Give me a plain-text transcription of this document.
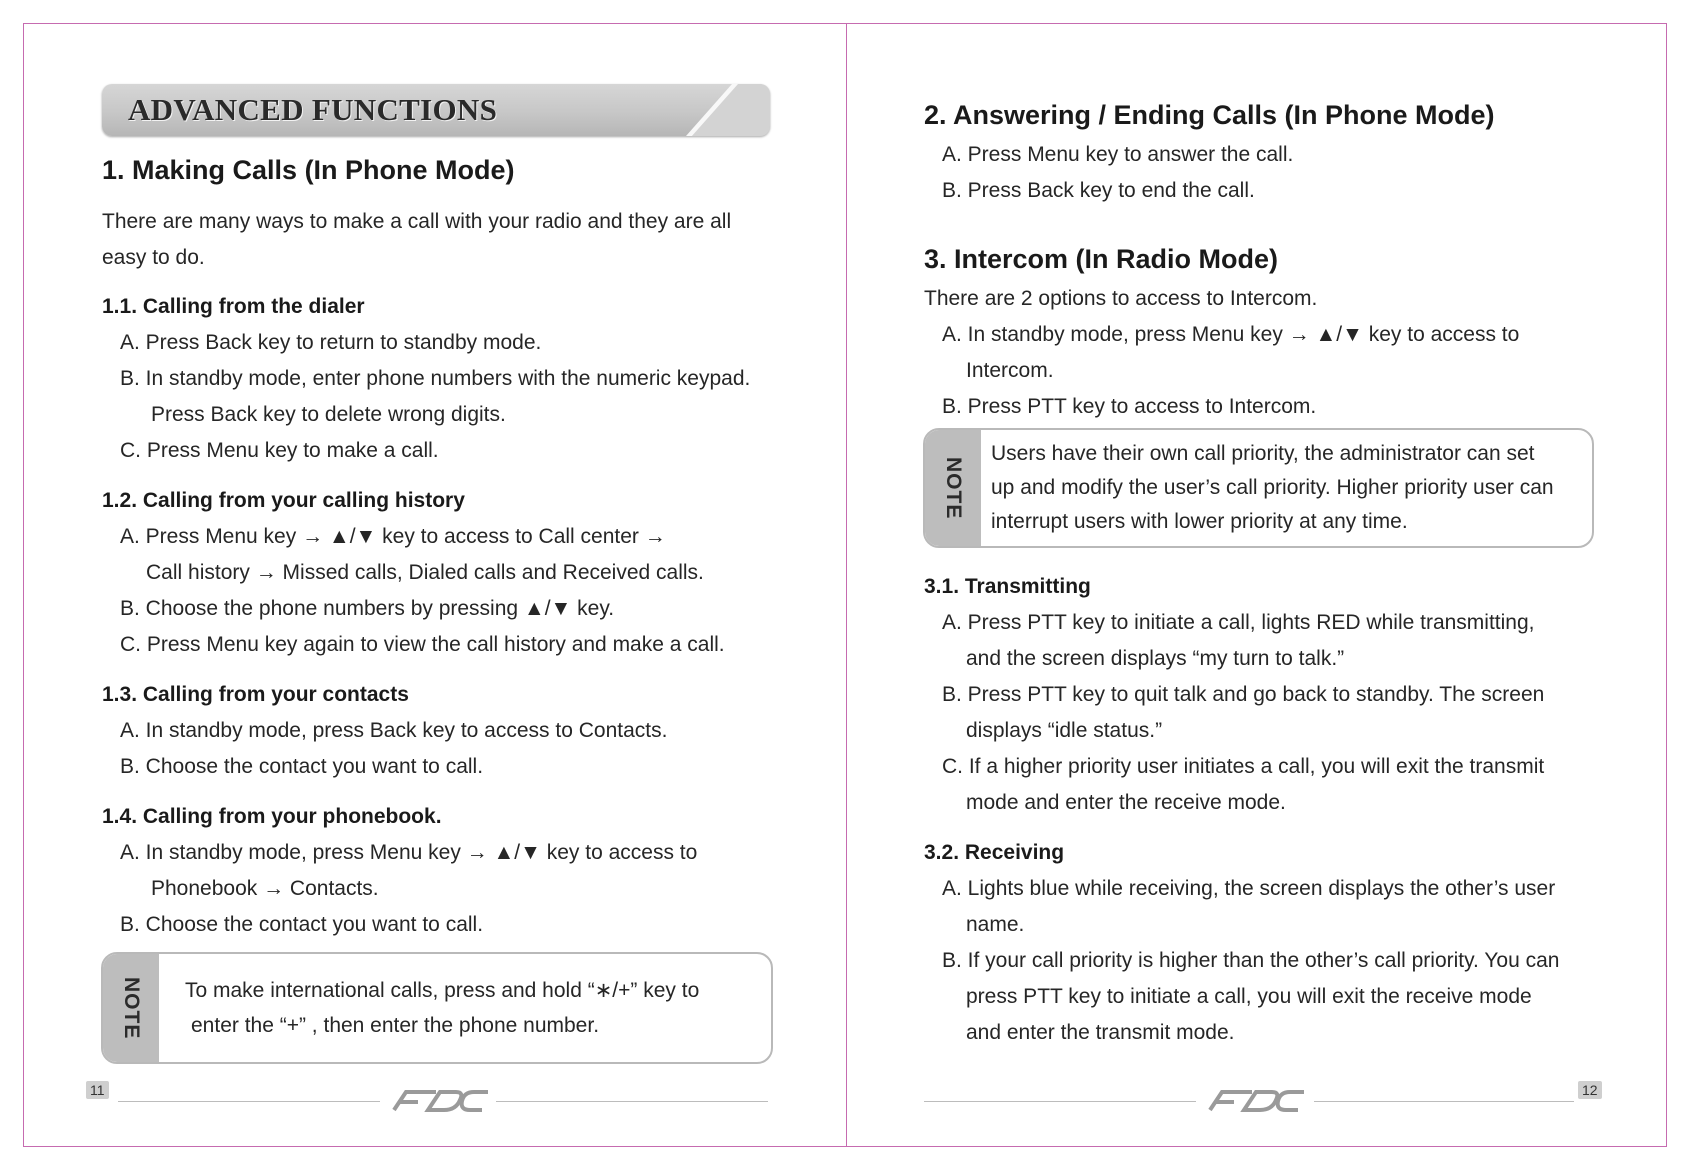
ADVANCED FUNCTIONS
1. Making Calls (In Phone Mode)
There are many ways to make a call with your radio and they are all
easy to do.
1.1. Calling from the dialer
A. Press Back key to return to standby mode.
B. In standby mode, enter phone numbers with the numeric keypad.
Press Back key to delete wrong digits.
C. Press Menu key to make a call.
1.2. Calling from your calling history
A. Press Menu key → ▲/▼ key to access to Call center →
Call history → Missed calls, Dialed calls and Received calls.
B. Choose the phone numbers by pressing ▲/▼ key.
C. Press Menu key again to view the call history and make a call.
1.3. Calling from your contacts
A. In standby mode, press Back key to access to Contacts.
B. Choose the contact you want to call.
1.4. Calling from your phonebook.
A. In standby mode, press Menu key → ▲/▼ key to access to
Phonebook → Contacts.
B. Choose the contact you want to call.
NOTE To make international calls, press and hold “∗/+” key to
enter the “+” , then enter the phone number.
11
2. Answering / Ending Calls (In Phone Mode)
A. Press Menu key to answer the call.
B. Press Back key to end the call.
3. Intercom (In Radio Mode)
There are 2 options to access to Intercom.
A. In standby mode, press Menu key → ▲/▼ key to access to
Intercom.
B. Press PTT key to access to Intercom.
NOTE
Users have their own call priority, the administrator can set
up and modify the user’s call priority. Higher priority user can
interrupt users with lower priority at any time.
3.1. Transmitting
A. Press PTT key to initiate a call, lights RED while transmitting,
and the screen displays “my turn to talk.”
B. Press PTT key to quit talk and go back to standby. The screen
displays “idle status.”
C. If a higher priority user initiates a call, you will exit the transmit
mode and enter the receive mode.
3.2. Receiving
A. Lights blue while receiving, the screen displays the other’s user
name.
B. If your call priority is higher than the other’s call priority. You can
press PTT key to initiate a call, you will exit the receive mode
and enter the transmit mode.
12
